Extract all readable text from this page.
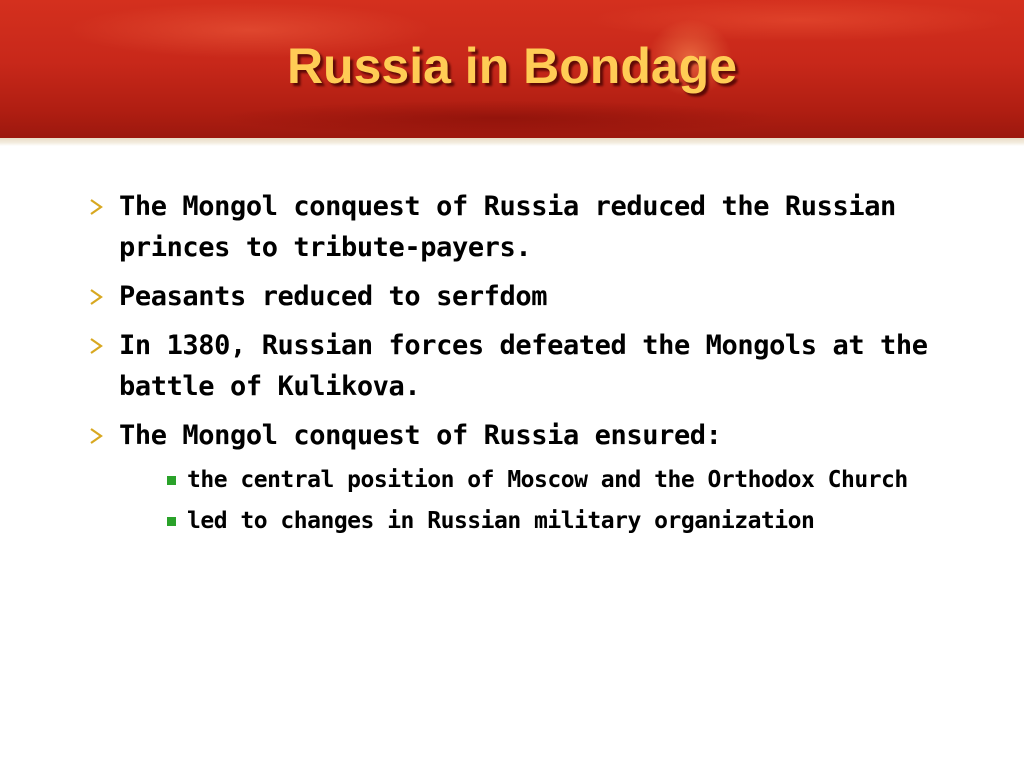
Russia in Bondage
The Mongol conquest of Russia reduced the Russian princes to tribute-payers.
Peasants reduced to serfdom
In 1380, Russian forces defeated the Mongols at the battle of Kulikova.
The Mongol conquest of Russia ensured:
the central position of Moscow and the Orthodox Church
led to changes in Russian military organization
